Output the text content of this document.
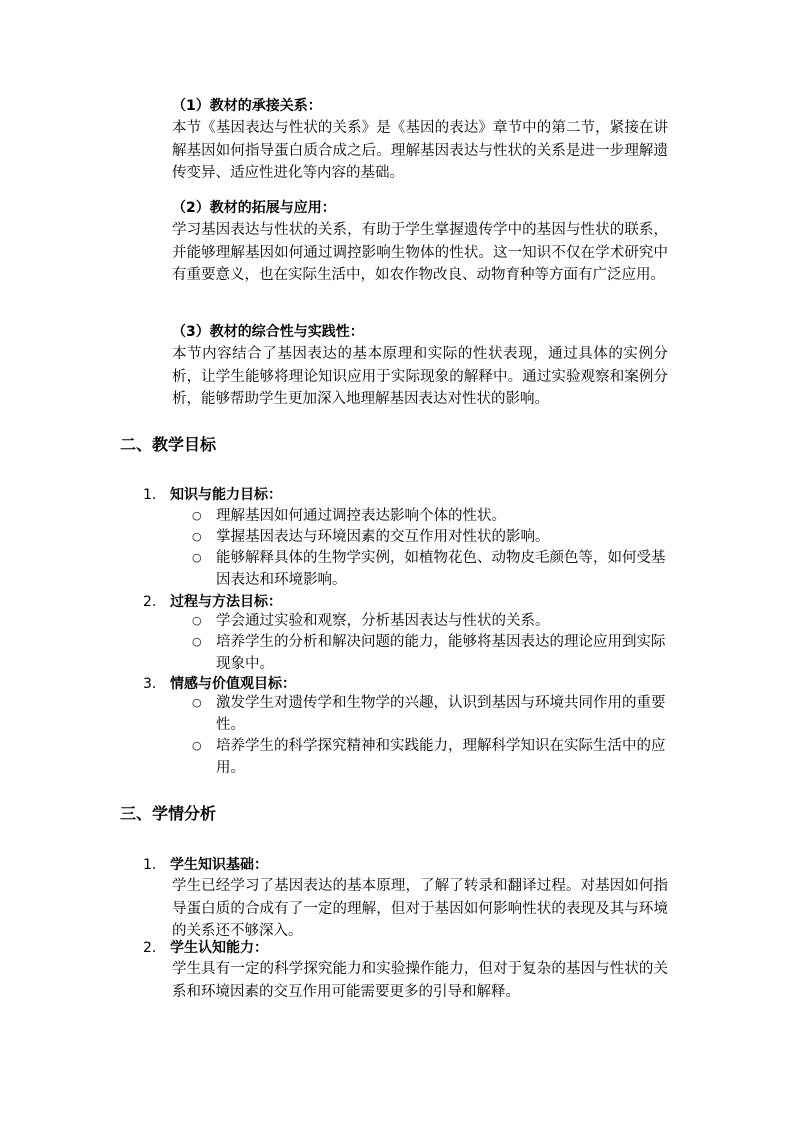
（1）教材的承接关系：

本节《基因表达与性状的关系》是《基因的表达》章节中的第二节，紧接在讲解基因如何指导蛋白质合成之后。理解基因表达与性状的关系是进一步理解遗传变异、适应性进化等内容的基础。

（2）教材的拓展与应用：

学习基因表达与性状的关系，有助于学生掌握遗传学中的基因与性状的联系，并能够理解基因如何通过调控影响生物体的性状。这一知识不仅在学术研究中有重要意义，也在实际生活中，如农作物改良、动物育种等方面有广泛应用。

（3）教材的综合性与实践性：

本节内容结合了基因表达的基本原理和实际的性状表现，通过具体的实例分析，让学生能够将理论知识应用于实际现象的解释中。通过实验观察和案例分析，能够帮助学生更加深入地理解基因表达对性状的影响。

二、教学目标
1. 知识与能力目标：
○ 理解基因如何通过调控表达影响个体的性状。
○ 掌握基因表达与环境因素的交互作用对性状的影响。
○ 能够解释具体的生物学实例，如植物花色、动物皮毛颜色等，如何受基因表达和环境影响。
2. 过程与方法目标：
○ 学会通过实验和观察，分析基因表达与性状的关系。
○ 培养学生的分析和解决问题的能力，能够将基因表达的理论应用到实际现象中。
3. 情感与价值观目标：
○ 激发学生对遗传学和生物学的兴趣，认识到基因与环境共同作用的重要性。
○ 培养学生的科学探究精神和实践能力，理解科学知识在实际生活中的应用。
三、学情分析
1. 学生知识基础：

学生已经学习了基因表达的基本原理，了解了转录和翻译过程。对基因如何指导蛋白质的合成有了一定的理解，但对于基因如何影响性状的表现及其与环境的关系还不够深入。

2. 学生认知能力：

学生具有一定的科学探究能力和实验操作能力，但对于复杂的基因与性状的关系和环境因素的交互作用可能需要更多的引导和解释。
